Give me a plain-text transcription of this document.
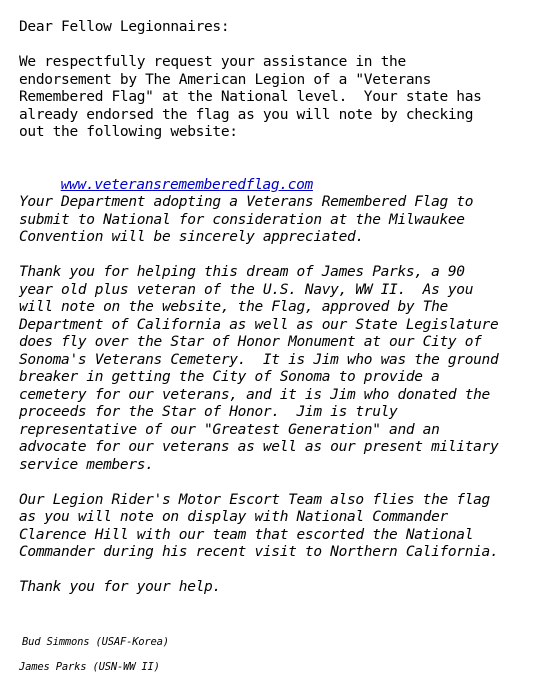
Dear Fellow Legionnaires:
We respectfully request your assistance in the
endorsement by The American Legion of a "Veterans
Remembered Flag" at the National level.  Your state has
already endorsed the flag as you will note by checking
out the following website:

www.veteransrememberedflag.com

Your Department adopting a Veterans Remembered Flag to
submit to National for consideration at the Milwaukee
Convention will be sincerely appreciated.
Thank you for helping this dream of James Parks, a 90
year old plus veteran of the U.S. Navy, WW II.  As you
will note on the website, the Flag, approved by The
Department of California as well as our State Legislature
does fly over the Star of Honor Monument at our City of
Sonoma's Veterans Cemetery.  It is Jim who was the ground
breaker in getting the City of Sonoma to provide a
cemetery for our veterans, and it is Jim who donated the
proceeds for the Star of Honor.  Jim is truly
representative of our "Greatest Generation" and an
advocate for our veterans as well as our present military
service members.
Our Legion Rider's Motor Escort Team also flies the flag
as you will note on display with National Commander
Clarence Hill with our team that escorted the National
Commander during his recent visit to Northern California.
Thank you for your help.
Bud Simmons (USAF-Korea)
James Parks (USN-WW II)
